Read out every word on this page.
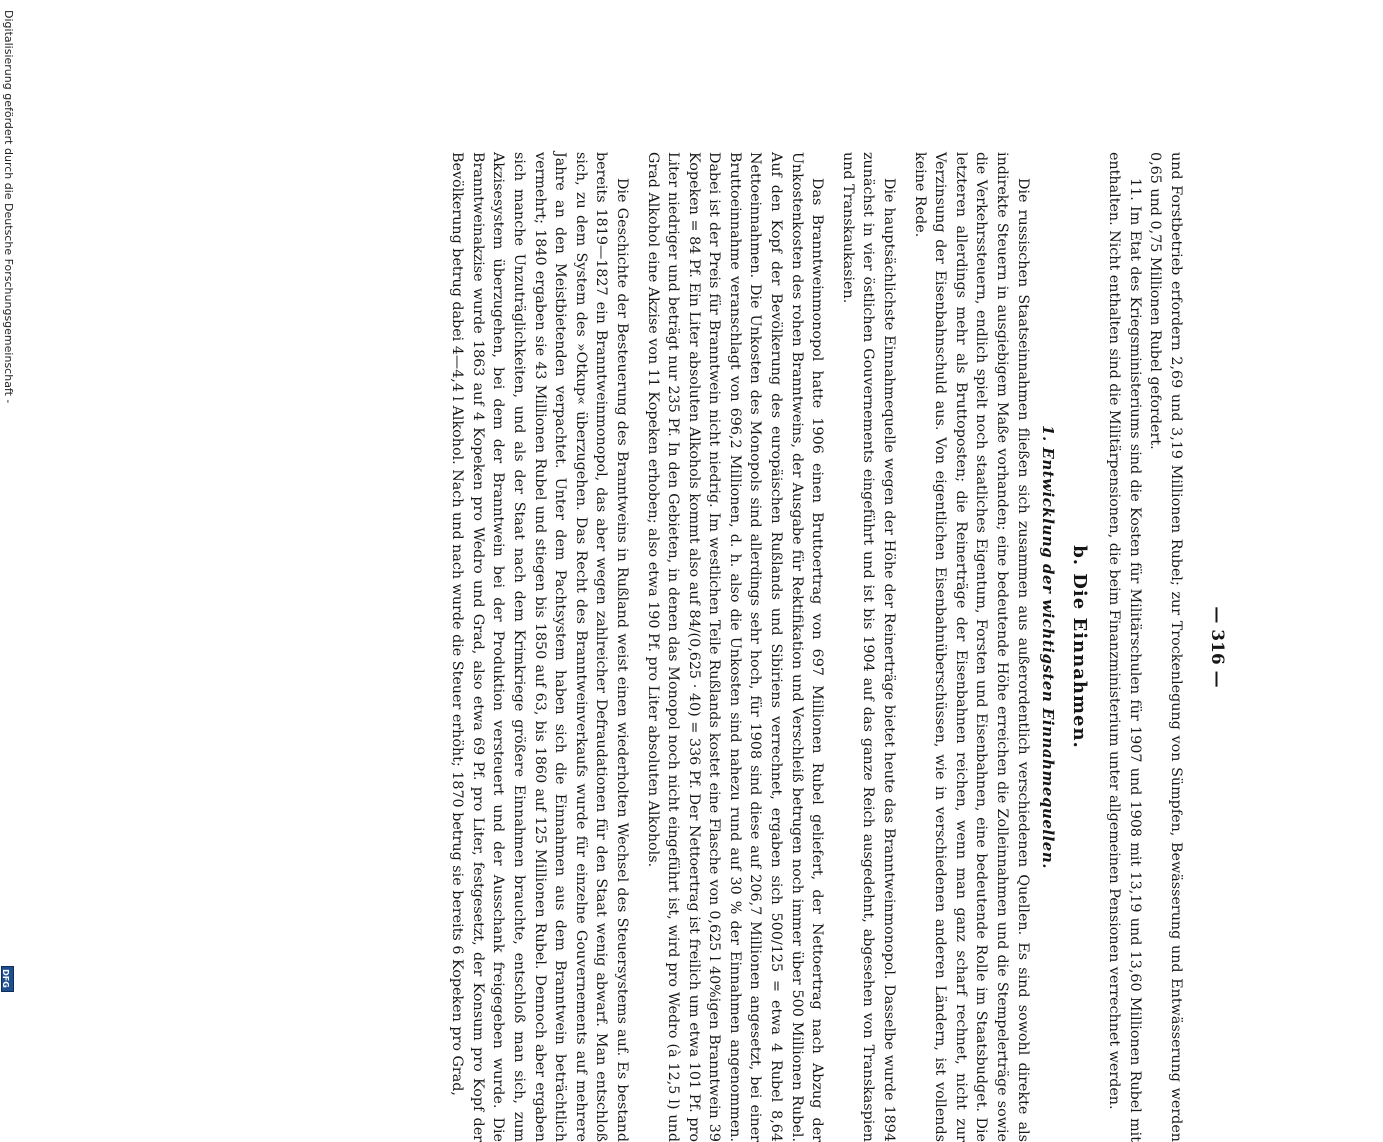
— 316 —

und Forstbetrieb erfordern 2,69 und 3,19 Millionen Rubel; zur Trockenlegung von Sümpfen, Bewässerung und Entwässerung werden 0,65 und 0,75 Millionen Rubel gefordert.

11. Im Etat des Kriegsministeriums sind die Kosten für Militärschulen für 1907 und 1908 mit 13,19 und 13,60 Millionen Rubel mit enthalten. Nicht enthalten sind die Militärpensionen, die beim Finanzministerium unter allgemeinen Pensionen verrechnet werden.

b. Die Einnahmen.
1. Entwicklung der wichtigsten Einnahmequellen.

Die russischen Staatseinnahmen fließen sich zusammen aus außerordentlich verschiedenen Quellen. Es sind sowohl direkte als indirekte Steuern in ausgiebigem Maße vorhanden; eine bedeutende Höhe erreichen die Zolleinnahmen und die Stempelerträge sowie die Verkehrssteuern, endlich spielt noch staatliches Eigentum, Forsten und Eisenbahnen, eine bedeutende Rolle im Staatsbudget. Die letzteren allerdings mehr als Bruttoposten; die Reinerträge der Eisenbahnen reichen, wenn man ganz scharf rechnet, nicht zur Verzinsung der Eisenbahnschuld aus. Von eigentlichen Eisenbahnüberschüssen, wie in verschiedenen anderen Ländern, ist vollends keine Rede.

Die hauptsächlichste Einnahmequelle wegen der Höhe der Reinerträge bietet heute das Branntweinmonopol. Dasselbe wurde 1894 zunächst in vier östlichen Gouvernements eingeführt und ist bis 1904 auf das ganze Reich ausgedehnt, abgesehen von Transkaspien und Transkaukasien.

Das Branntweinmonopol hatte 1906 einen Bruttoertrag von 697 Millionen Rubel geliefert, der Nettoertrag nach Abzug der Unkostenkosten des rohen Branntweins, der Ausgabe für Rektifikation und Verschleiß betrugen noch immer über 500 Millionen Rubel. Auf den Kopf der Bevölkerung des europäischen Rußlands und Sibiriens verrechnet, ergaben sich 500/125 = etwa 4 Rubel 8,64 Nettoeinnahmen. Die Unkosten des Monopols sind allerdings sehr hoch, für 1908 sind diese auf 206,7 Millionen angesetzt, bei einer Bruttoeinnahme veranschlagt von 696,2 Millionen, d. h. also die Unkosten sind nahezu rund auf 30 % der Einnahmen angenommen. Dabei ist der Preis für Branntwein nicht niedrig. Im westlichen Teile Rußlands kostet eine Flasche von 0,625 l 40%igen Branntwein 39 Kopeken = 84 Pf. Ein Liter absoluten Alkohols kommt also auf 84/(0,625 · 40) = 336 Pf. Der Nettoertrag ist freilich um etwa 101 Pf. pro Liter niedriger und beträgt nur 235 Pf. In den Gebieten, in denen das Monopol noch nicht eingeführt ist, wird pro Wedro (à 12,5 l) und Grad Alkohol eine Akzise von 11 Kopeken erhoben; also etwa 190 Pf. pro Liter absoluten Alkohols.

Die Geschichte der Besteuerung des Branntweins in Rußland weist einen wiederholten Wechsel des Steuersystems auf. Es bestand bereits 1819—1827 ein Branntweinmonopol, das aber wegen zahlreicher Defraudationen für den Staat wenig abwarf. Man entschloß sich, zu dem System des »Otkup« überzugehen. Das Recht des Branntweinverkaufs wurde für einzelne Gouvernements auf mehrere Jahre an den Meistbietenden verpachtet. Unter dem Pachtsystem haben sich die Einnahmen aus dem Branntwein beträchtlich vermehrt; 1840 ergaben sie 43 Millionen Rubel und stiegen bis 1850 auf 63, bis 1860 auf 125 Millionen Rubel. Dennoch aber ergaben sich manche Unzuträglichkeiten, und als der Staat nach dem Krimkriege größere Einnahmen brauchte, entschloß man sich, zum Akzisesystem überzugehen, bei dem der Branntwein bei der Produktion versteuert und der Ausschank freigegeben wurde. Die Branntweinakzise wurde 1863 auf 4 Kopeken pro Wedro und Grad, also etwa 69 Pf. pro Liter, festgesetzt, der Konsum pro Kopf der Bevölkerung betrug dabei 4—4,4 l Alkohol. Nach und nach wurde die Steuer erhöht; 1870 betrug sie bereits 6 Kopeken pro Grad,

Digitalisierung gefördert durch die Deutsche Forschungsgemeinschaft -
DFG
